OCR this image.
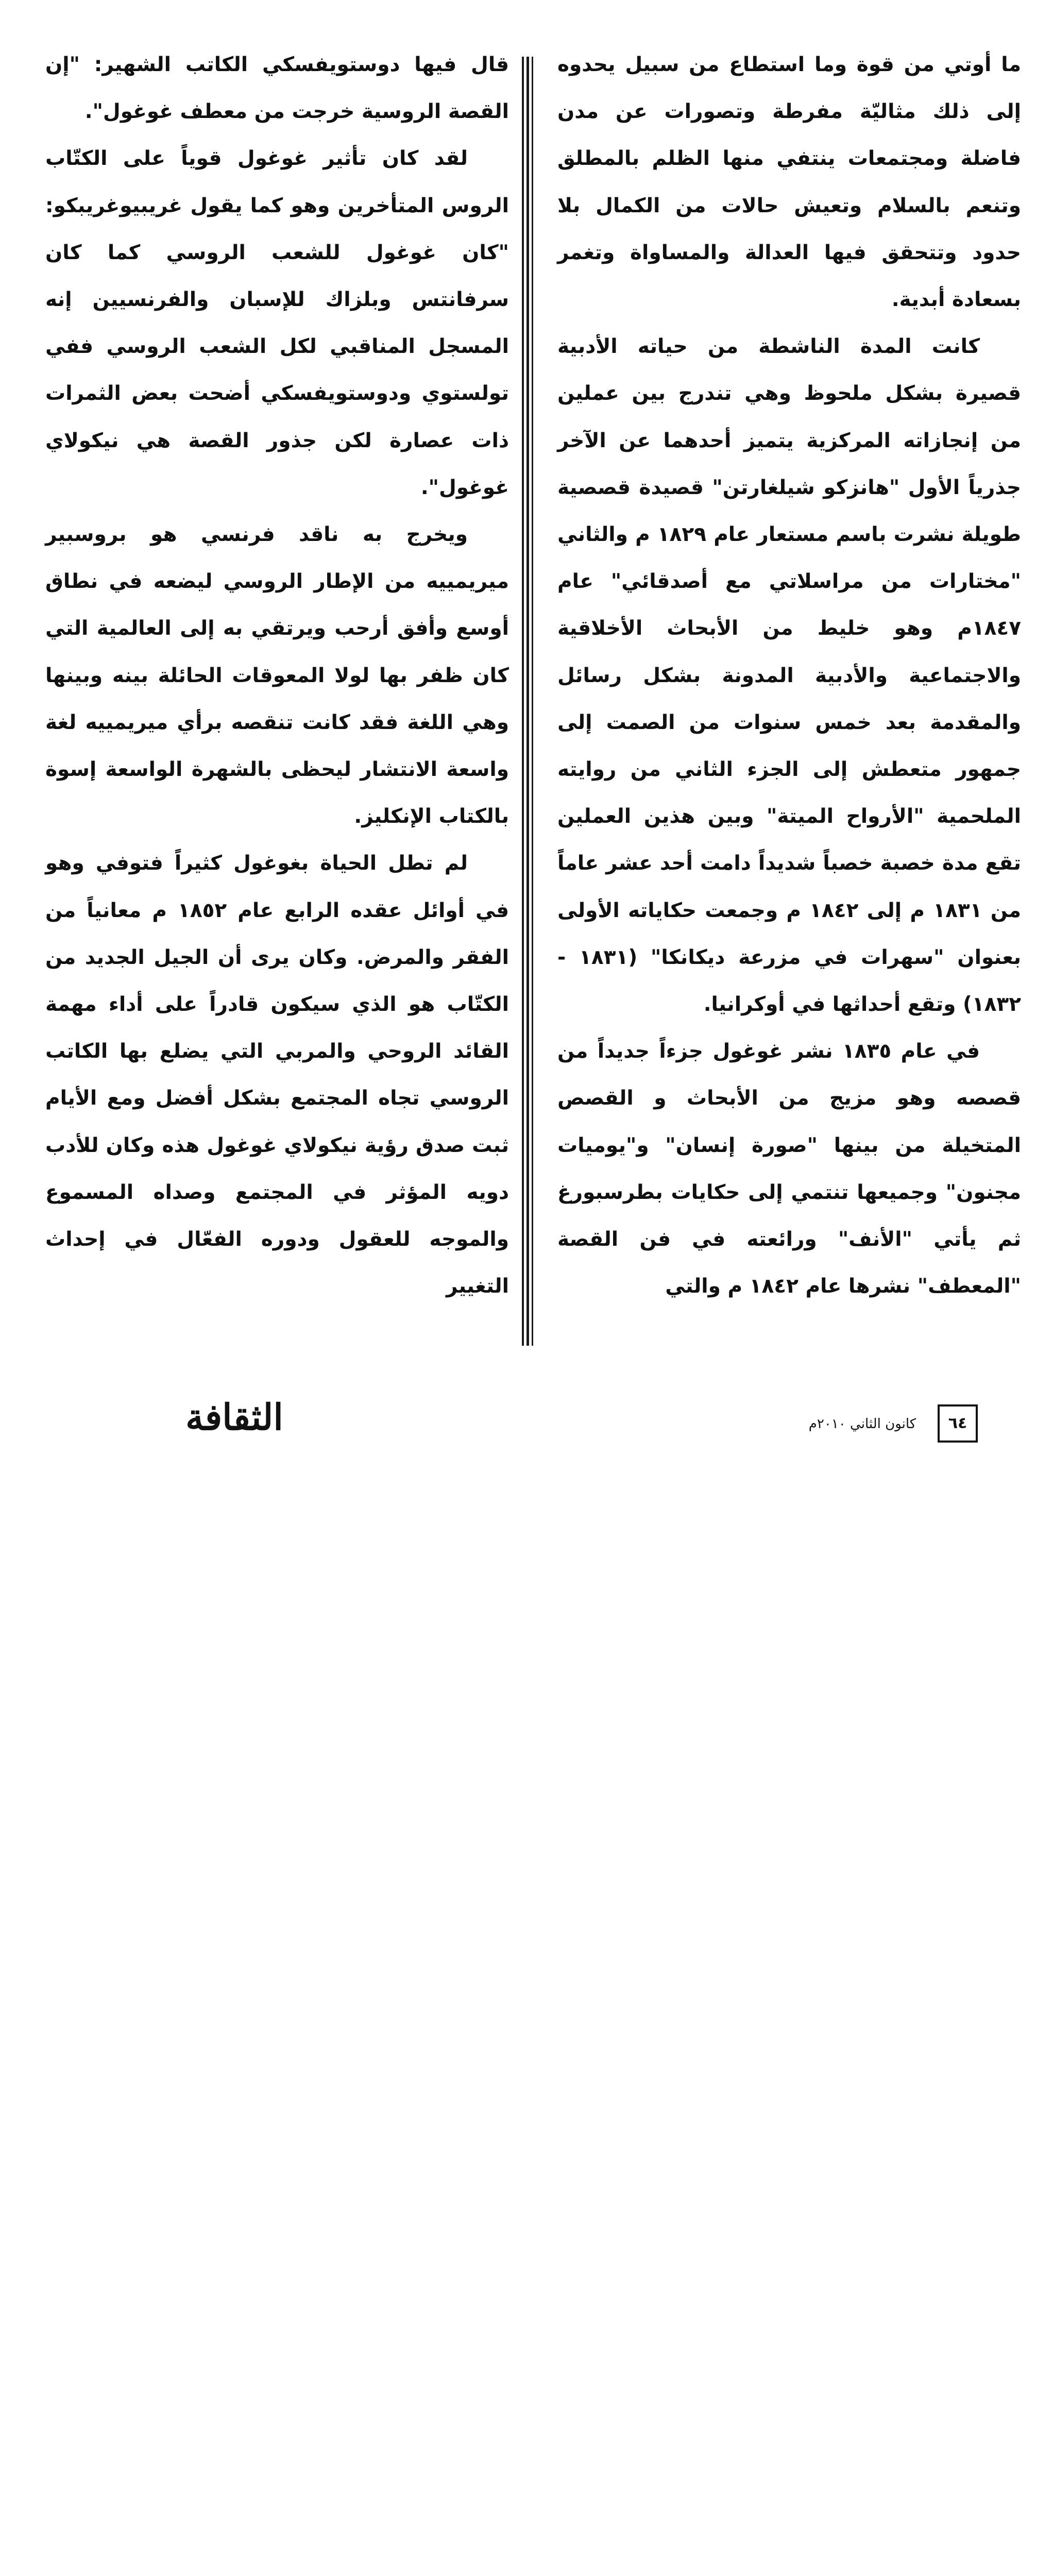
ما أوتي من قوة وما استطاع من سبيل يحدوه إلى ذلك مثاليّة مفرطة وتصورات عن مدن فاضلة ومجتمعات ينتفي منها الظلم بالمطلق وتنعم بالسلام وتعيش حالات من الكمال بلا حدود وتتحقق فيها العدالة والمساواة وتغمر بسعادة أبدية.

كانت المدة الناشطة من حياته الأدبية قصيرة بشكل ملحوظ وهي تندرج بين عملين من إنجازاته المركزية يتميز أحدهما عن الآخر جذرياً الأول "هانزكو شيلغارتن" قصيدة قصصية طويلة نشرت باسم مستعار عام ١٨٢٩ م والثاني "مختارات من مراسلاتي مع أصدقائي" عام ١٨٤٧م وهو خليط من الأبحاث الأخلاقية والاجتماعية والأدبية المدونة بشكل رسائل والمقدمة بعد خمس سنوات من الصمت إلى جمهور متعطش إلى الجزء الثاني من روايته الملحمية "الأرواح الميتة" وبين هذين العملين تقع مدة خصبة خصباً شديداً دامت أحد عشر عاماً من ١٨٣١ م إلى ١٨٤٢ م وجمعت حكاياته الأولى بعنوان "سهرات في مزرعة ديكانكا" (١٨٣١ - ١٨٣٢) وتقع أحداثها في أوكرانيا.

في عام ١٨٣٥ نشر غوغول جزءاً جديداً من قصصه وهو مزيج من الأبحاث و القصص المتخيلة من بينها "صورة إنسان" و"يوميات مجنون" وجميعها تنتمي إلى حكايات بطرسبورغ ثم يأتي "الأنف" ورائعته في فن القصة "المعطف" نشرها عام ١٨٤٢ م والتي

قال فيها دوستويفسكي الكاتب الشهير: "إن القصة الروسية خرجت من معطف غوغول".

لقد كان تأثير غوغول قوياً على الكتّاب الروس المتأخرين وهو كما يقول غريبيوغريبكو: "كان غوغول للشعب الروسي كما كان سرفانتس وبلزاك للإسبان والفرنسيين إنه المسجل المناقبي لكل الشعب الروسي ففي تولستوي ودوستويفسكي أضحت بعض الثمرات ذات عصارة لكن جذور القصة هي نيكولاي غوغول".

ويخرج به ناقد فرنسي هو بروسبير ميريمييه من الإطار الروسي ليضعه في نطاق أوسع وأفق أرحب ويرتقي به إلى العالمية التي كان ظفر بها لولا المعوقات الحائلة بينه وبينها وهي اللغة فقد كانت تنقصه برأي ميريمييه لغة واسعة الانتشار ليحظى بالشهرة الواسعة إسوة بالكتاب الإنكليز.

لم تطل الحياة بغوغول كثيراً فتوفي وهو في أوائل عقده الرابع عام ١٨٥٢ م معانياً من الفقر والمرض. وكان يرى أن الجيل الجديد من الكتّاب هو الذي سيكون قادراً على أداء مهمة القائد الروحي والمربي التي يضلع بها الكاتب الروسي تجاه المجتمع بشكل أفضل ومع الأيام ثبت صدق رؤية نيكولاي غوغول هذه وكان للأدب دويه المؤثر في المجتمع وصداه المسموع والموجه للعقول ودوره الفعّال في إحداث التغيير

الثقافة	كانون الثاني ٢٠١٠م	٦٤
